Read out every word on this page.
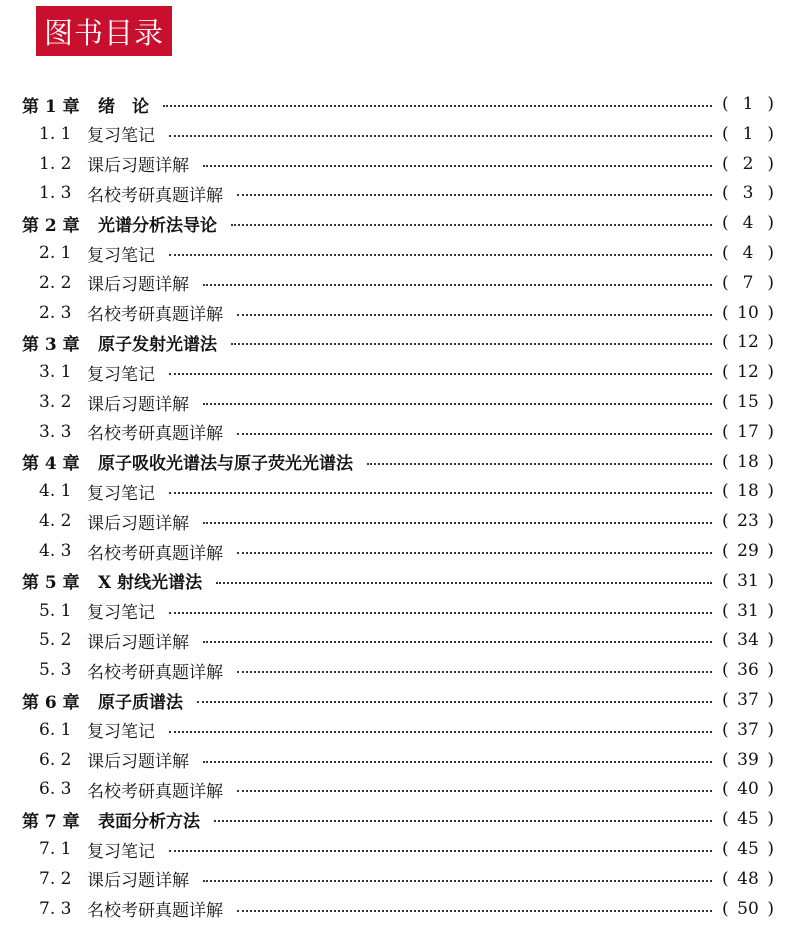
图书目录
第 1 章	绪　论	( 1 )
1. 1 复习笔记	( 1 )
1. 2 课后习题详解	( 2 )
1. 3 名校考研真题详解	( 3 )
第 2 章	光谱分析法导论	( 4 )
2. 1 复习笔记	( 4 )
2. 2 课后习题详解	( 7 )
2. 3 名校考研真题详解	( 10 )
第 3 章	原子发射光谱法	( 12 )
3. 1 复习笔记	( 12 )
3. 2 课后习题详解	( 15 )
3. 3 名校考研真题详解	( 17 )
第 4 章	原子吸收光谱法与原子荧光光谱法	( 18 )
4. 1 复习笔记	( 18 )
4. 2 课后习题详解	( 23 )
4. 3 名校考研真题详解	( 29 )
第 5 章	X 射线光谱法	( 31 )
5. 1 复习笔记	( 31 )
5. 2 课后习题详解	( 34 )
5. 3 名校考研真题详解	( 36 )
第 6 章	原子质谱法	( 37 )
6. 1 复习笔记	( 37 )
6. 2 课后习题详解	( 39 )
6. 3 名校考研真题详解	( 40 )
第 7 章	表面分析方法	( 45 )
7. 1 复习笔记	( 45 )
7. 2 课后习题详解	( 48 )
7. 3 名校考研真题详解	( 50 )
